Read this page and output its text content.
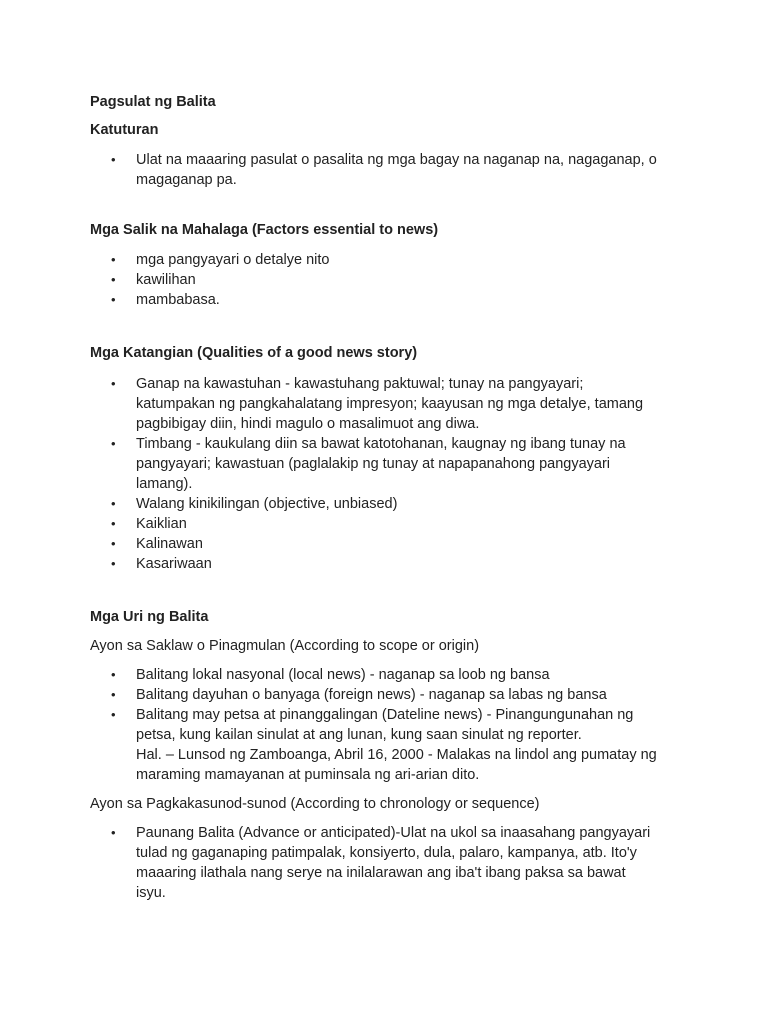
Pagsulat ng Balita
Katuturan
• Ulat na maaaring pasulat o pasalita ng mga bagay na naganap na, nagaganap, o
magaganap pa.
Mga Salik na Mahalaga (Factors essential to news)
• mga pangyayari o detalye nito
• kawilihan
• mambabasa.
Mga Katangian (Qualities of a good news story)
• Ganap na kawastuhan - kawastuhang paktuwal; tunay na pangyayari;
katumpakan ng pangkahalatang impresyon; kaayusan ng mga detalye, tamang
pagbibigay diin, hindi magulo o masalimuot ang diwa.
• Timbang - kaukulang diin sa bawat katotohanan, kaugnay ng ibang tunay na
pangyayari; kawastuan (paglalakip ng tunay at napapanahong pangyayari
lamang).
• Walang kinikilingan (objective, unbiased)
• Kaiklian
• Kalinawan
• Kasariwaan
Mga Uri ng Balita
Ayon sa Saklaw o Pinagmulan (According to scope or origin)
• Balitang lokal nasyonal (local news) - naganap sa loob ng bansa
• Balitang dayuhan o banyaga (foreign news) - naganap sa labas ng bansa
• Balitang may petsa at pinanggalingan (Dateline news) - Pinangungunahan ng
petsa, kung kailan sinulat at ang lunan, kung saan sinulat ng reporter.
Hal. – Lunsod ng Zamboanga, Abril 16, 2000 - Malakas na lindol ang pumatay ng
maraming mamayanan at puminsala ng ari-arian dito.
Ayon sa Pagkakasunod-sunod (According to chronology or sequence)
• Paunang Balita (Advance or anticipated)-Ulat na ukol sa inaasahang pangyayari
tulad ng gaganaping patimpalak, konsiyerto, dula, palaro, kampanya, atb. Ito'y
maaaring ilathala nang serye na inilalarawan ang iba't ibang paksa sa bawat
isyu.
